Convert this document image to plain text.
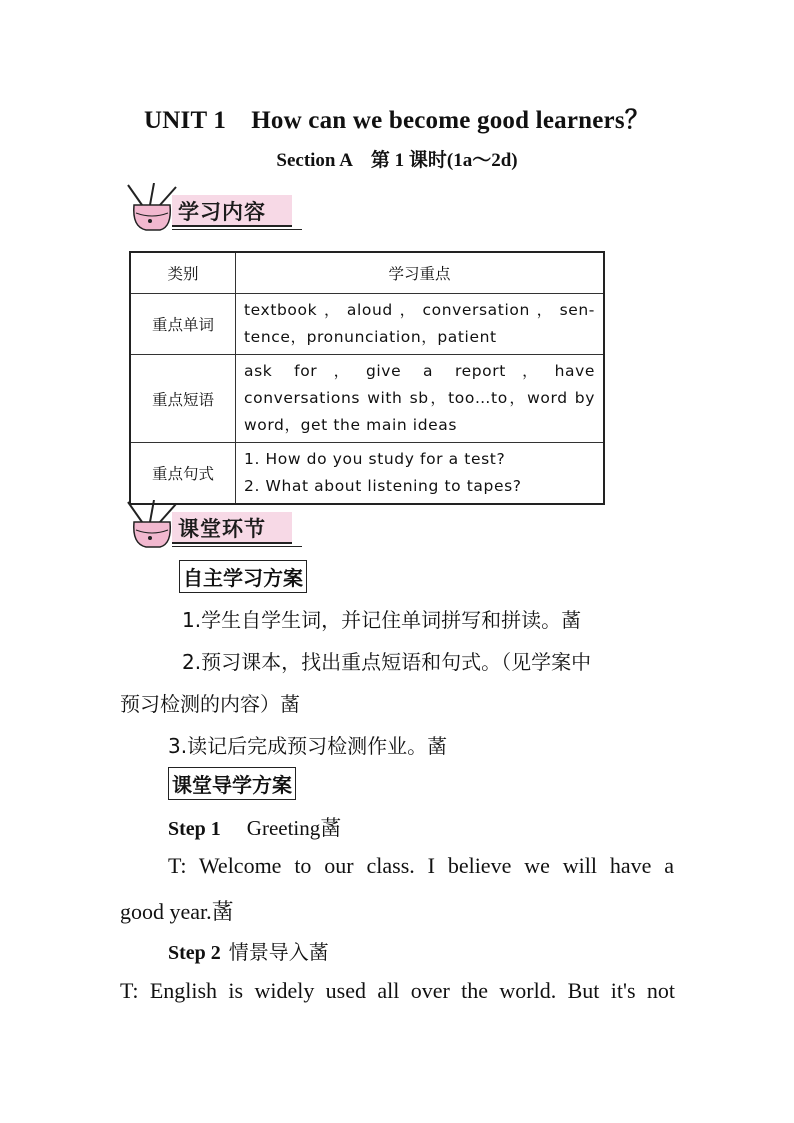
UNIT 1　How can we become good learners？
Section A　第 1 课时(1a～2d)
学习内容
类别	学习重点
重点单词	textbook，aloud，conversation，sen-tence，pronunciation，patient
重点短语	ask for，give a report，have conversations with sb，too…to，word by word，get the main ideas
重点句式	1. How do you study for a test?
2. What about listening to tapes?
课堂环节
自主学习方案
1.学生自学生词，并记住单词拼写和拼读。䓿
2.预习课本，找出重点短语和句式。（见学案中
预习检测的内容）䓿
3.读记后完成预习检测作业。䓿
课堂导学方案
Step 1 Greeting䓿
T: Welcome to our class. I believe we will have a
good year.䓿
Step 2 情景导入䓿
T: English is widely used all over the world. But it's not
